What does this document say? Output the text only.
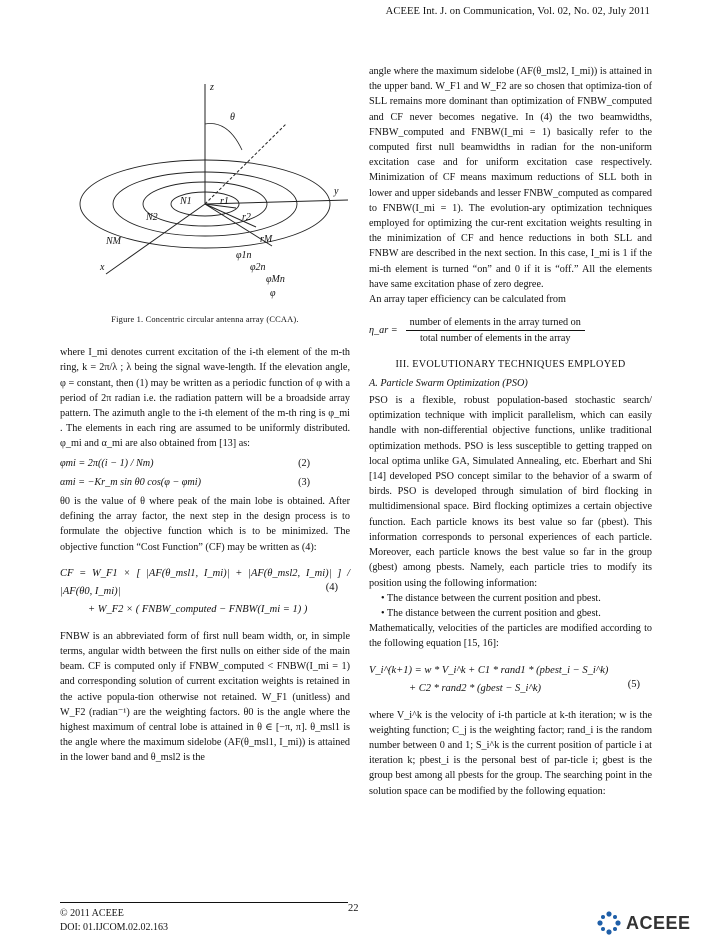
ACEEE Int. J. on Communication, Vol. 02, No. 02, July 2011
z
θ
y
x
N1
N2
NM
r1
r2
rM
φ1n
φ2n
φMn
φ
Figure 1. Concentric circular antenna array (CCAA).

where I_mi denotes current excitation of the i-th element of the m-th ring, k = 2π/λ ; λ being the signal wave-length. If the elevation angle, φ = constant, then (1) may be written as a periodic function of φ with a period of 2π radian i.e. the radiation pattern will be a broadside array pattern. The azimuth angle to the i-th element of the m-th ring is φ_mi . The elements in each ring are assumed to be uniformly distributed. φ_mi and α_mi are also obtained from [13] as:

φmi = 2π((i − 1) / Nm)	(2)
αmi = −Kr_m sin θ0 cos(φ − φmi)	(3)

θ0 is the value of θ where peak of the main lobe is obtained. After defining the array factor, the next step in the design process is to formulate the objective function which is to be minimized. The objective function “Cost Function” (CF) may be written as (4):

CF = W_F1 × [ |AF(θ_msl1, I_mi)| + |AF(θ_msl2, I_mi)| ] / |AF(θ0, I_mi)|
+ W_F2 × ( FNBW_computed − FNBW(I_mi = 1) )
(4)

FNBW is an abbreviated form of first null beam width, or, in simple terms, angular width between the first nulls on either side of the main beam. CF is computed only if FNBW_computed < FNBW(I_mi = 1) and corresponding solution of current excitation weights is retained in the active popula-tion otherwise not retained. W_F1 (unitless) and W_F2 (radian⁻¹) are the weighting factors. θ0 is the angle where the highest maximum of central lobe is attained in θ ∈ [−π, π]. θ_msl1 is the angle where the maximum sidelobe (AF(θ_msl1, I_mi)) is attained in the lower band and θ_msl2 is the

angle where the maximum sidelobe (AF(θ_msl2, I_mi)) is attained in the upper band. W_F1 and W_F2 are so chosen that optimiza-tion of SLL remains more dominant than optimization of FNBW_computed and CF never becomes negative. In (4) the two beamwidths, FNBW_computed and FNBW(I_mi = 1) basically refer to the computed first null beamwidths in radian for the non-uniform excitation case and for uniform excitation case respectively. Minimization of CF means maximum reductions of SLL both in lower and upper sidebands and lesser FNBW_computed as compared to FNBW(I_mi = 1). The evolution-ary optimization techniques employed for optimizing the cur-rent excitation weights resulting in the minimization of CF and hence reductions in both SLL and FNBW are described in the next section. In this case, I_mi is 1 if the mi-th element is turned “on” and 0 if it is “off.” All the elements have same excitation phase of zero degree.

An array taper efficiency can be calculated from

η_ar =
number of elements in the array turned on
total number of elements in the array
III. EVOLUTIONARY TECHNIQUES EMPLOYED
A. Particle Swarm Optimization (PSO)

PSO is a flexible, robust population-based stochastic search/ optimization technique with implicit parallelism, which can easily handle with non-differential objective functions, unlike traditional optimization methods. PSO is less susceptible to getting trapped on local optima unlike GA, Simulated Annealing, etc. Eberhart and Shi [14] developed PSO concept similar to the behavior of a swarm of birds. PSO is developed through simulation of bird flocking in multidimensional space. Bird flocking optimizes a certain objective function. Each particle knows its best value so far (pbest). This information corresponds to personal experiences of each particle. Moreover, each particle knows the best value so far in the group (gbest) among pbests. Namely, each particle tries to modify its position using the following information:

• The distance between the current position and pbest.

• The distance between the current position and gbest.

Mathematically, velocities of the particles are modified according to the following equation [15, 16]:

V_i^(k+1) = w * V_i^k + C1 * rand1 * (pbest_i − S_i^k)
+ C2 * rand2 * (gbest − S_i^k)	(5)

where V_i^k is the velocity of i-th particle at k-th iteration; w is the weighting function; C_j is the weighting factor; rand_i is the random number between 0 and 1; S_i^k is the current position of particle i at iteration k; pbest_i is the personal best of par-ticle i; gbest is the group best among all pbests for the group. The searching point in the solution space can be modified by the following equation:

22
© 2011 ACEEE
DOI: 01.IJCOM.02.02.163	ACEEE
